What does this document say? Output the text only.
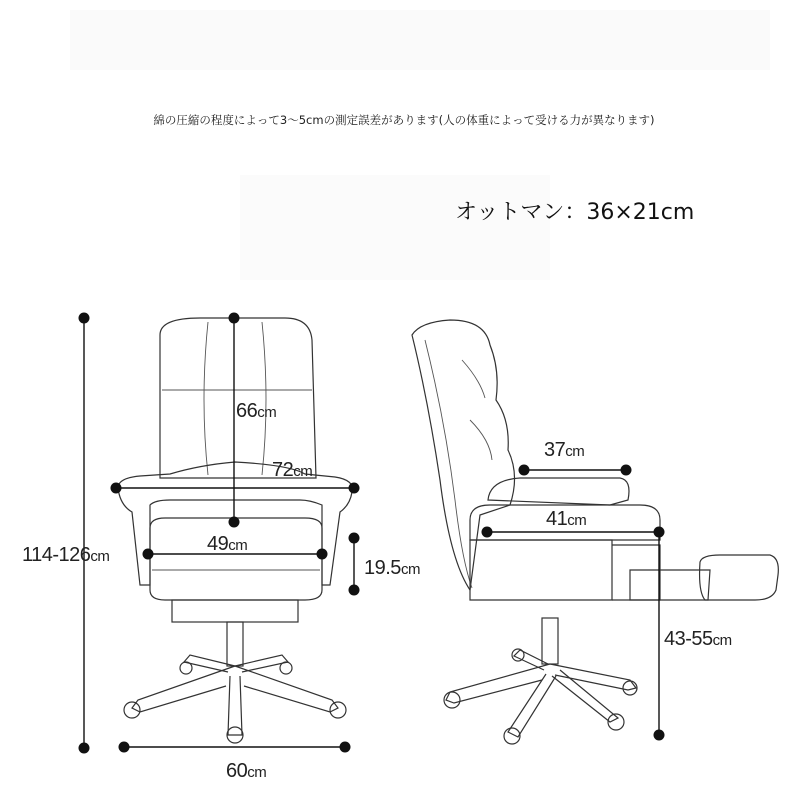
綿の圧縮の程度によって3～5cmの測定誤差があります(人の体重によって受ける力が異なります)
オットマン：36×21cm
114-126cm
66cm
72cm
49cm
19.5cm
60cm
37cm
41cm
43-55cm
